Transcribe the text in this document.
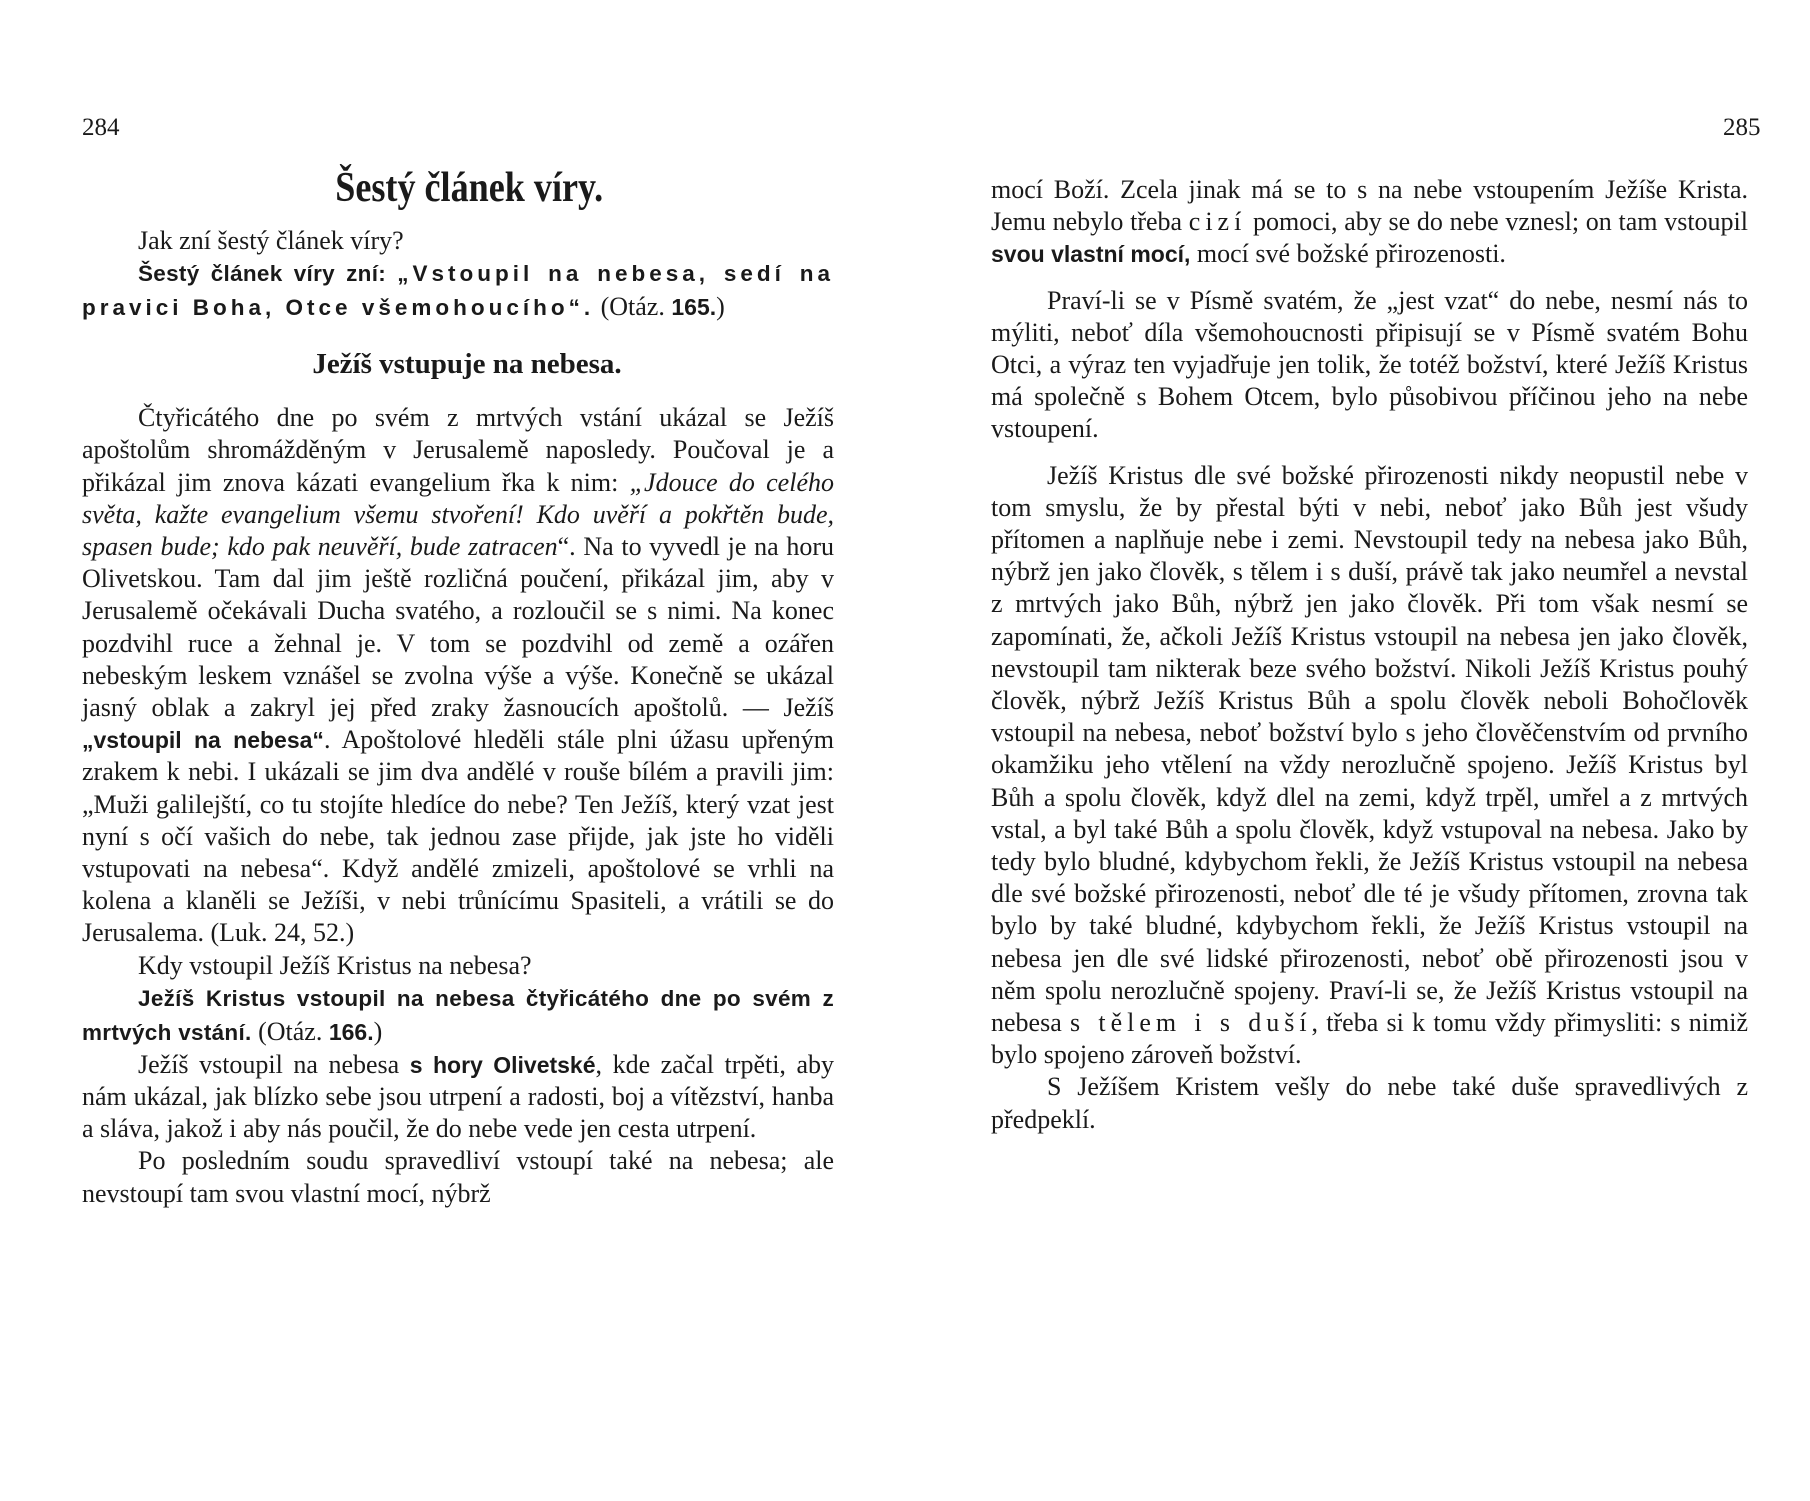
284
Šestý článek víry.

Jak zní šestý článek víry?

Šestý článek víry zní: „Vstoupil na nebesa, sedí na pravici Boha, Otce všemohoucího“. (Otáz. 165.)

Ježíš vstupuje na nebesa.

Čtyřicátého dne po svém z mrtvých vstání ukázal se Ježíš apoštolům shromážděným v Jerusalemě naposledy. Poučoval je a přikázal jim znova kázati evangelium řka k nim: „Jdouce do celého světa, kažte evangelium všemu stvoření! Kdo uvěří a pokřtěn bude, spasen bude; kdo pak neuvěří, bude zatracen“. Na to vyvedl je na horu Olivetskou. Tam dal jim ještě rozličná poučení, přikázal jim, aby v Jerusalemě očekávali Ducha svatého, a rozloučil se s nimi. Na konec pozdvihl ruce a žehnal je. V tom se pozdvihl od země a ozářen nebeským leskem vznášel se zvolna výše a výše. Konečně se ukázal jasný oblak a zakryl jej před zraky žasnoucích apoštolů. — Ježíš „vstoupil na nebesa“. Apoštolové hleděli stále plni úžasu upřeným zrakem k nebi. I ukázali se jim dva andělé v rouše bílém a pravili jim: „Muži galilejští, co tu stojíte hledíce do nebe? Ten Ježíš, který vzat jest nyní s očí vašich do nebe, tak jednou zase přijde, jak jste ho viděli vstupovati na nebesa“. Když andělé zmizeli, apoštolové se vrhli na kolena a klaněli se Ježíši, v nebi trůnícímu Spasiteli, a vrátili se do Jerusalema. (Luk. 24, 52.)

Kdy vstoupil Ježíš Kristus na nebesa?

Ježíš Kristus vstoupil na nebesa čtyřicátého dne po svém z mrtvých vstání. (Otáz. 166.)

Ježíš vstoupil na nebesa s hory Olivetské, kde začal trpěti, aby nám ukázal, jak blízko sebe jsou utrpení a radosti, boj a vítězství, hanba a sláva, jakož i aby nás poučil, že do nebe vede jen cesta utrpení.

Po posledním soudu spravedliví vstoupí také na nebesa; ale nevstoupí tam svou vlastní mocí, nýbrž

285

mocí Boží. Zcela jinak má se to s na nebe vstoupením Ježíše Krista. Jemu nebylo třeba cizí pomoci, aby se do nebe vznesl; on tam vstoupil svou vlastní mocí, mocí své božské přirozenosti.

Praví-li se v Písmě svatém, že „jest vzat“ do nebe, nesmí nás to mýliti, neboť díla všemohoucnosti připisují se v Písmě svatém Bohu Otci, a výraz ten vyjadřuje jen tolik, že totéž božství, které Ježíš Kristus má společně s Bohem Otcem, bylo působivou příčinou jeho na nebe vstoupení.

Ježíš Kristus dle své božské přirozenosti nikdy neopustil nebe v tom smyslu, že by přestal býti v nebi, neboť jako Bůh jest všudy přítomen a naplňuje nebe i zemi. Nevstoupil tedy na nebesa jako Bůh, nýbrž jen jako člověk, s tělem i s duší, právě tak jako neumřel a nevstal z mrtvých jako Bůh, nýbrž jen jako člověk. Při tom však nesmí se zapomínati, že, ačkoli Ježíš Kristus vstoupil na nebesa jen jako člověk, nevstoupil tam nikterak beze svého božství. Nikoli Ježíš Kristus pouhý člověk, nýbrž Ježíš Kristus Bůh a spolu člověk neboli Bohočlověk vstoupil na nebesa, neboť božství bylo s jeho člověčenstvím od prvního okamžiku jeho vtělení na vždy nerozlučně spojeno. Ježíš Kristus byl Bůh a spolu člověk, když dlel na zemi, když trpěl, umřel a z mrtvých vstal, a byl také Bůh a spolu člověk, když vstupoval na nebesa. Jako by tedy bylo bludné, kdybychom řekli, že Ježíš Kristus vstoupil na nebesa dle své božské přirozenosti, neboť dle té je všudy přítomen, zrovna tak bylo by také bludné, kdybychom řekli, že Ježíš Kristus vstoupil na nebesa jen dle své lidské přirozenosti, neboť obě přirozenosti jsou v něm spolu nerozlučně spojeny. Praví-li se, že Ježíš Kristus vstoupil na nebesa s tělem i s duší, třeba si k tomu vždy přimysliti: s nimiž bylo spojeno zároveň božství.

S Ježíšem Kristem vešly do nebe také duše spravedlivých z předpeklí.
